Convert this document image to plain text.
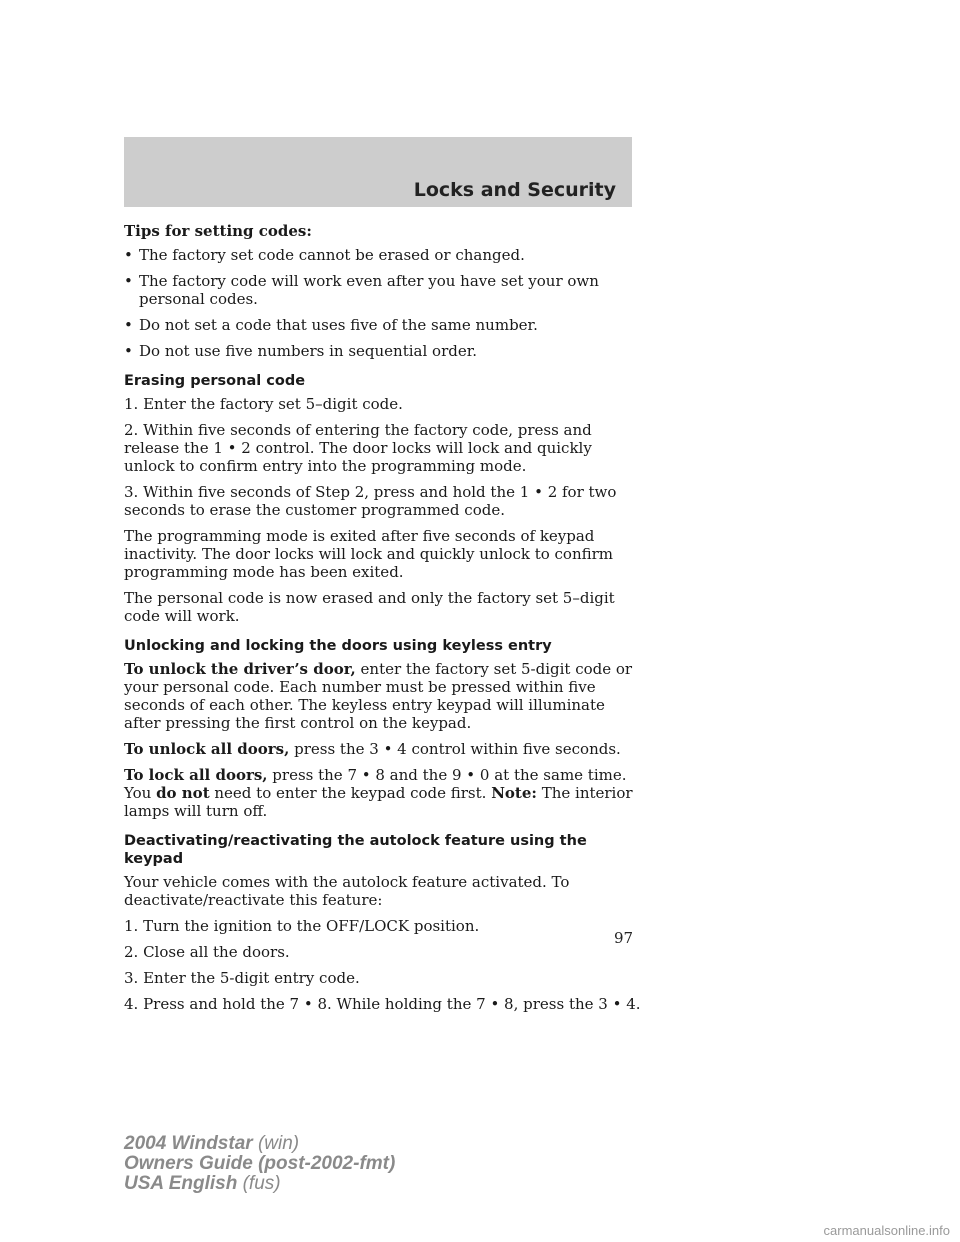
Locks and Security
Tips for setting codes:
• The factory set code cannot be erased or changed.
• The factory code will work even after you have set your own personal codes.
• Do not set a code that uses five of the same number.
• Do not use five numbers in sequential order.
Erasing personal code

1. Enter the factory set 5–digit code.

2. Within five seconds of entering the factory code, press and release the 1 • 2 control. The door locks will lock and quickly unlock to confirm entry into the programming mode.

3. Within five seconds of Step 2, press and hold the 1 • 2 for two seconds to erase the customer programmed code.

The programming mode is exited after five seconds of keypad inactivity. The door locks will lock and quickly unlock to confirm programming mode has been exited.

The personal code is now erased and only the factory set 5–digit code will work.

Unlocking and locking the doors using keyless entry

To unlock the driver’s door, enter the factory set 5-digit code or your personal code. Each number must be pressed within five seconds of each other. The keyless entry keypad will illuminate after pressing the first control on the keypad.

To unlock all doors, press the 3 • 4 control within five seconds.

To lock all doors, press the 7 • 8 and the 9 • 0 at the same time. You do not need to enter the keypad code first. Note: The interior lamps will turn off.

Deactivating/reactivating the autolock feature using the keypad

Your vehicle comes with the autolock feature activated. To deactivate/reactivate this feature:

1. Turn the ignition to the OFF/LOCK position.

2. Close all the doors.

3. Enter the 5-digit entry code.

4. Press and hold the 7 • 8. While holding the 7 • 8, press the 3 • 4.

97
2004 Windstar (win)
Owners Guide (post-2002-fmt)
USA English (fus)
carmanualsonline.info
